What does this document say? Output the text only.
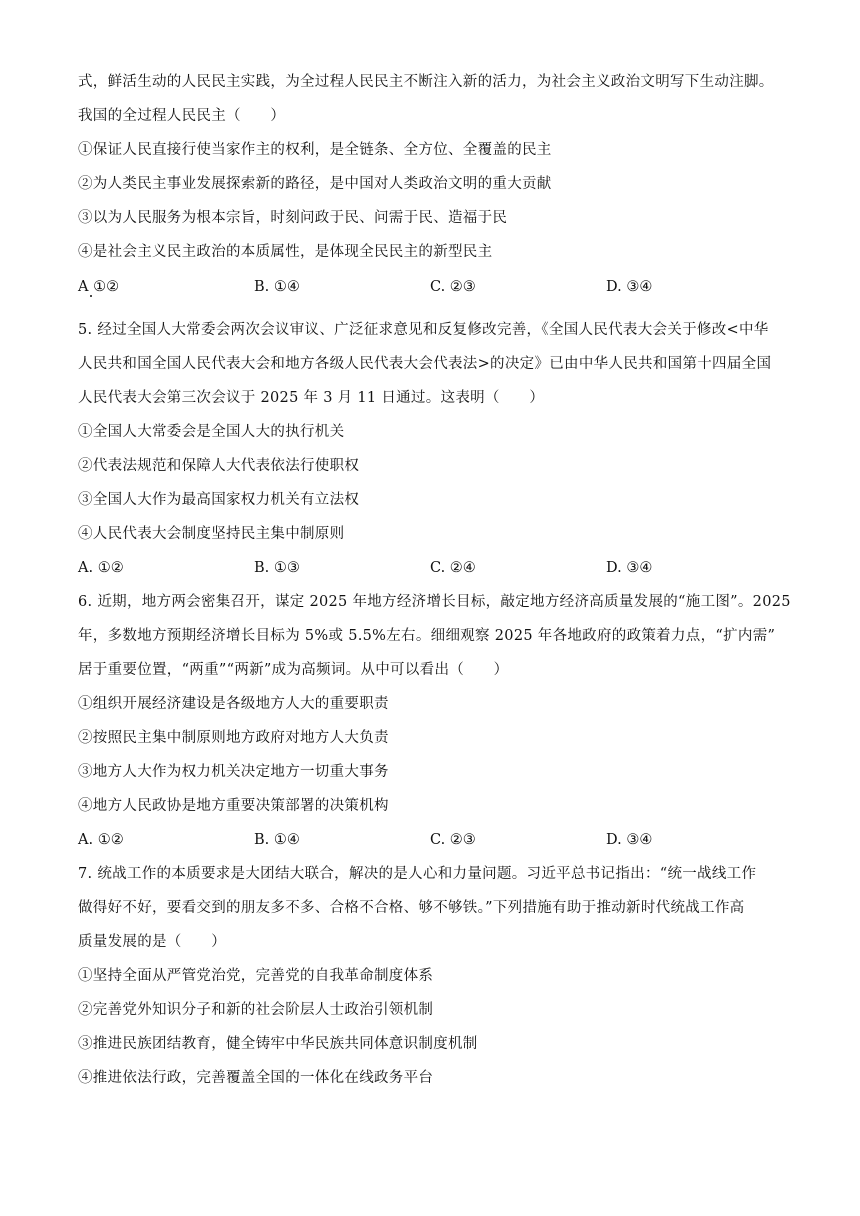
式，鲜活生动的人民民主实践，为全过程人民民主不断注入新的活力，为社会主义政治文明写下生动注脚。
我国的全过程人民民主（　　）
①保证人民直接行使当家作主的权利，是全链条、全方位、全覆盖的民主
②为人类民主事业发展探索新的路径，是中国对人类政治文明的重大贡献
③以为人民服务为根本宗旨，时刻问政于民、问需于民、造福于民
④是社会主义民主政治的本质属性，是体现全民民主的新型民主
A ①②	B. ①④	C. ②③	D. ③④
5. 经过全国人大常委会两次会议审议、广泛征求意见和反复修改完善，《全国人民代表大会关于修改<中华
人民共和国全国人民代表大会和地方各级人民代表大会代表法>的决定》已由中华人民共和国第十四届全国
人民代表大会第三次会议于 2025 年 3 月 11 日通过。这表明（　　）
①全国人大常委会是全国人大的执行机关
②代表法规范和保障人大代表依法行使职权
③全国人大作为最高国家权力机关有立法权
④人民代表大会制度坚持民主集中制原则
A. ①②	B. ①③	C. ②④	D. ③④
6. 近期，地方两会密集召开，谋定 2025 年地方经济增长目标，敲定地方经济高质量发展的“施工图”。2025
年，多数地方预期经济增长目标为 5%或 5.5%左右。细细观察 2025 年各地政府的政策着力点，“扩内需”
居于重要位置，“两重”“两新”成为高频词。从中可以看出（　　）
①组织开展经济建设是各级地方人大的重要职责
②按照民主集中制原则地方政府对地方人大负责
③地方人大作为权力机关决定地方一切重大事务
④地方人民政协是地方重要决策部署的决策机构
A. ①②	B. ①④	C. ②③	D. ③④
7. 统战工作的本质要求是大团结大联合，解决的是人心和力量问题。习近平总书记指出：“统一战线工作
做得好不好，要看交到的朋友多不多、合格不合格、够不够铁。”下列措施有助于推动新时代统战工作高
质量发展的是（　　）
①坚持全面从严管党治党，完善党的自我革命制度体系
②完善党外知识分子和新的社会阶层人士政治引领机制
③推进民族团结教育，健全铸牢中华民族共同体意识制度机制
④推进依法行政，完善覆盖全国的一体化在线政务平台
